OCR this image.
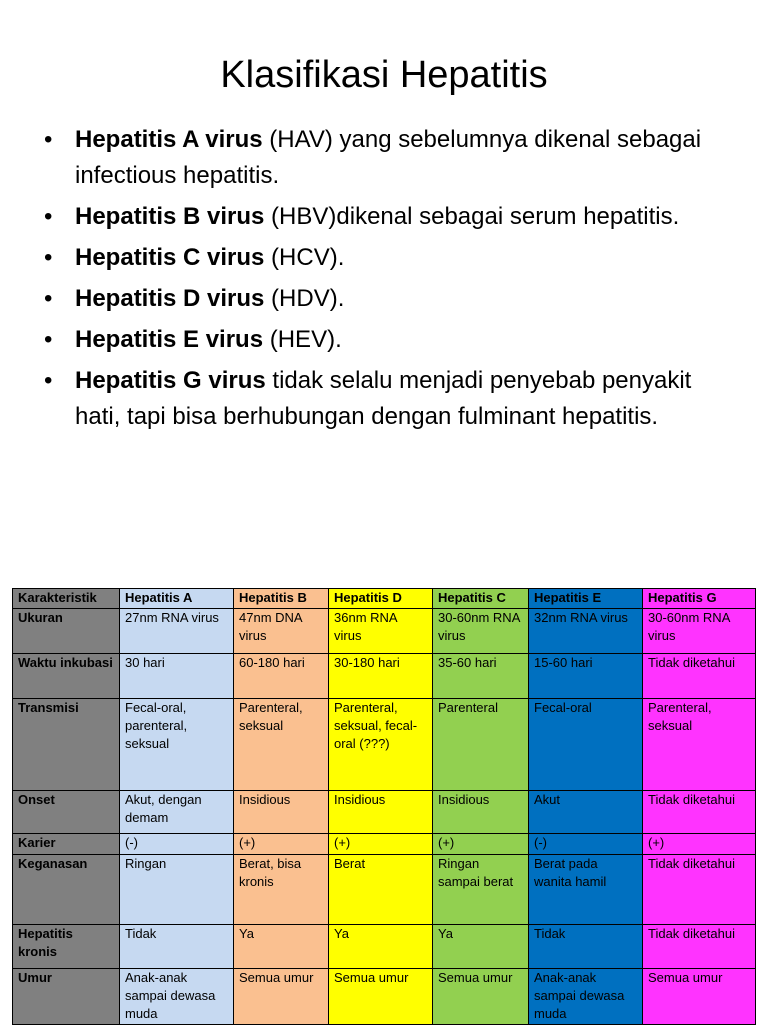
Klasifikasi Hepatitis
• Hepatitis A virus (HAV) yang sebelumnya dikenal sebagai infectious hepatitis.
• Hepatitis B virus (HBV)dikenal sebagai serum hepatitis.
• Hepatitis C virus (HCV).
• Hepatitis D virus (HDV).
• Hepatitis E virus (HEV).
• Hepatitis G virus tidak selalu menjadi penyebab penyakit hati, tapi bisa berhubungan dengan fulminant hepatitis.
Karakteristik	Hepatitis A	Hepatitis B	Hepatitis D	Hepatitis C	Hepatitis E	Hepatitis G
Ukuran	27nm RNA virus	47nm DNA virus	36nm RNA virus	30-60nm RNA virus	32nm RNA virus	30-60nm RNA virus
Waktu inkubasi	30 hari	60-180 hari	30-180 hari	35-60 hari	15-60 hari	Tidak diketahui
Transmisi	Fecal-oral, parenteral, seksual	Parenteral, seksual	Parenteral, seksual, fecal-oral (???)	Parenteral	Fecal-oral	Parenteral, seksual
Onset	Akut, dengan demam	Insidious	Insidious	Insidious	Akut	Tidak diketahui
Karier	(-)	(+)	(+)	(+)	(-)	(+)
Keganasan	Ringan	Berat, bisa kronis	Berat	Ringan sampai berat	Berat pada wanita hamil	Tidak diketahui
Hepatitis kronis	Tidak	Ya	Ya	Ya	Tidak	Tidak diketahui
Umur	Anak-anak sampai dewasa muda	Semua umur	Semua umur	Semua umur	Anak-anak sampai dewasa muda	Semua umur
